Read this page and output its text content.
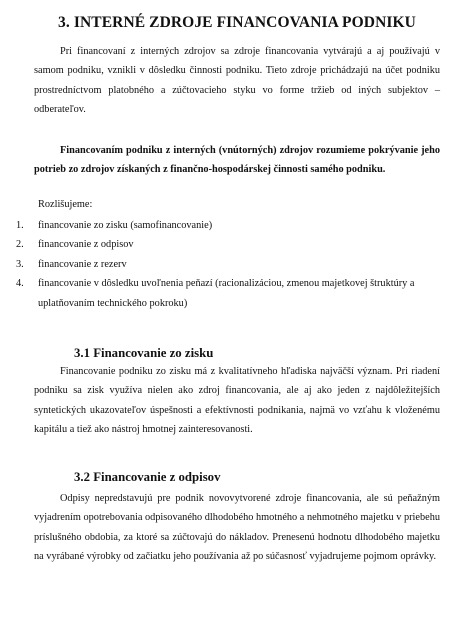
3. INTERNÉ ZDROJE FINANCOVANIA PODNIKU
Pri financovaní z interných zdrojov sa zdroje financovania vytvárajú a aj používajú v samom podniku, vznikli v dôsledku činnosti podniku. Tieto zdroje prichádzajú na účet podniku prostredníctvom platobného a zúčtovacieho styku vo forme tržieb od iných subjektov – odberateľov.
Financovaním podniku z interných (vnútorných) zdrojov rozumieme pokrývanie jeho potrieb zo zdrojov získaných z finančno-hospodárskej činnosti samého podniku.
Rozlišujeme:
1. financovanie zo zisku (samofinancovanie)
2. financovanie z odpisov
3. financovanie z rezerv
4. financovanie v dôsledku uvoľnenia peňazí (racionalizáciou, zmenou majetkovej štruktúry a uplatňovaním technického pokroku)
3.1 Financovanie zo zisku
Financovanie podniku zo zisku má z kvalitatívneho hľadiska najväčší význam. Pri riadení podniku sa zisk využíva nielen ako zdroj financovania, ale aj ako jeden z najdôležitejších syntetických ukazovateľov úspešnosti a efektívnosti podnikania, najmä vo vzťahu k vloženému kapitálu a tiež ako nástroj hmotnej zainteresovanosti.
3.2 Financovanie z odpisov
Odpisy nepredstavujú pre podnik novovytvorené zdroje financovania, ale sú peňažným vyjadrením opotrebovania odpisovaného dlhodobého hmotného a nehmotného majetku v priebehu príslušného obdobia, za ktoré sa zúčtovajú do nákladov. Prenesenú hodnotu dlhodobého majetku na vyrábané výrobky od začiatku jeho používania až po súčasnosť vyjadrujeme pojmom oprávky.
